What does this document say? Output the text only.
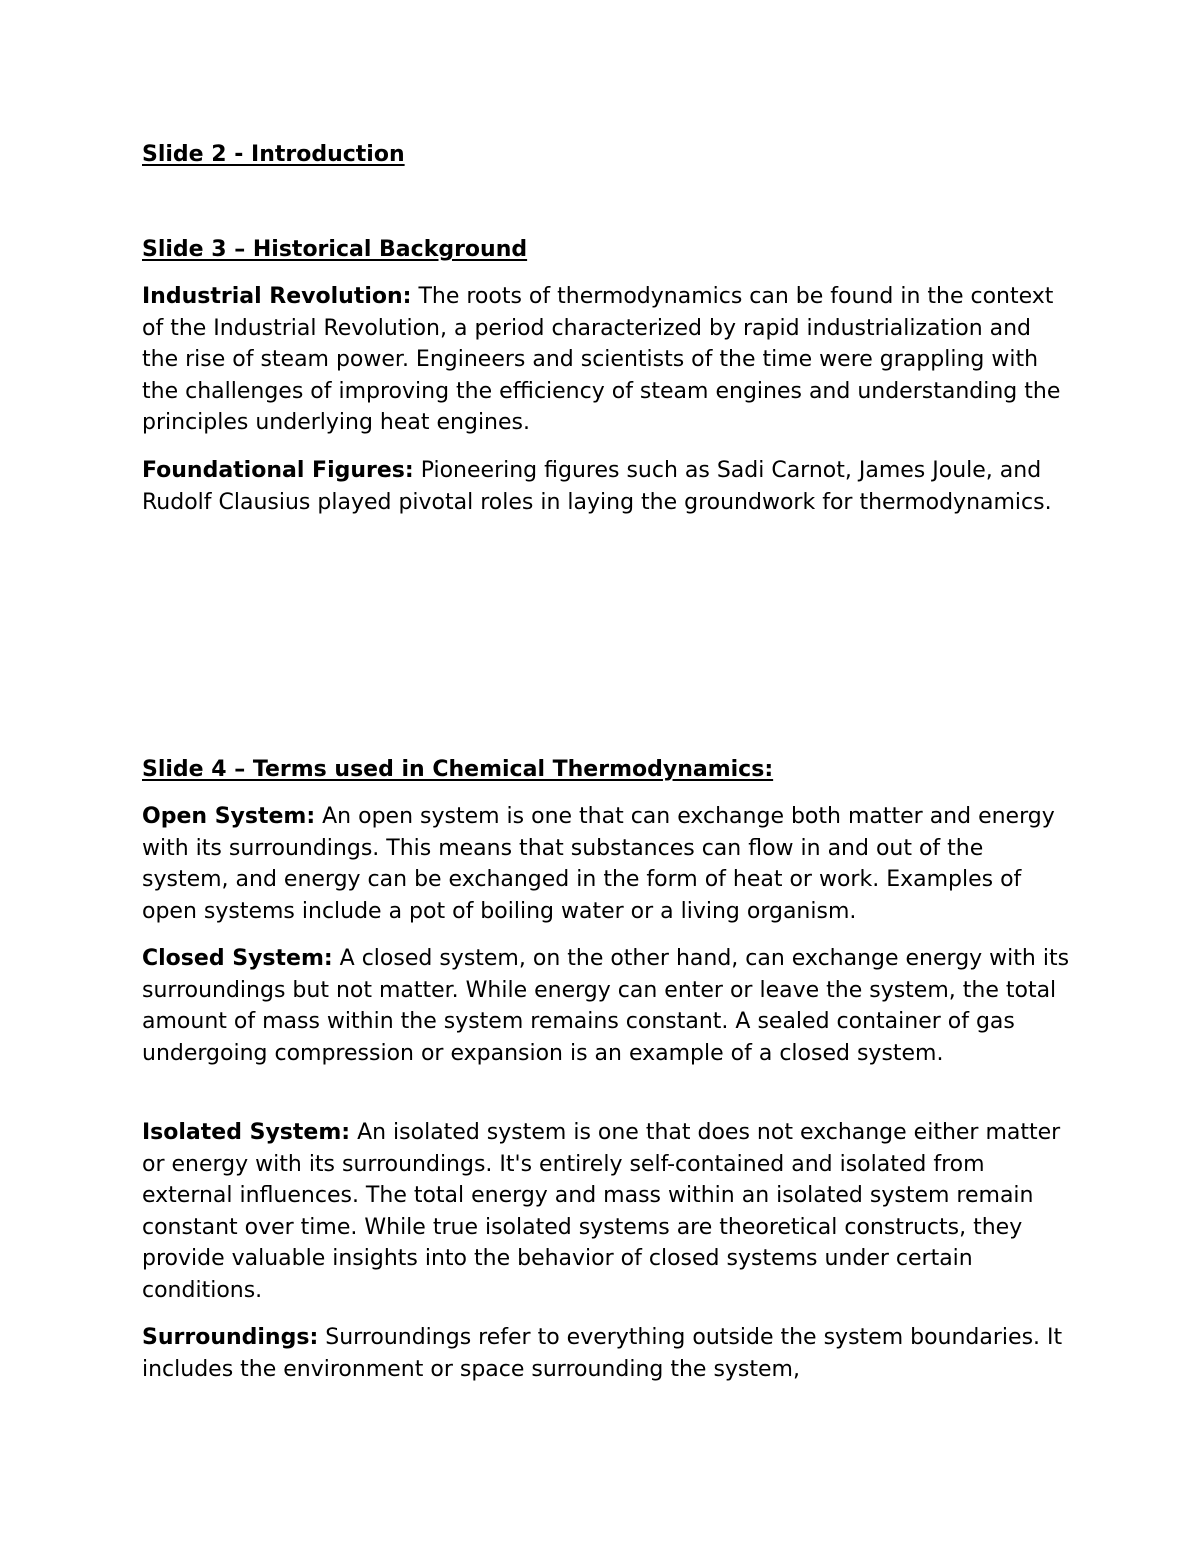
Slide 2 - Introduction
Slide 3 – Historical Background

Industrial Revolution: The roots of thermodynamics can be found in the context of the Industrial Revolution, a period characterized by rapid industrialization and the rise of steam power. Engineers and scientists of the time were grappling with the challenges of improving the efficiency of steam engines and understanding the principles underlying heat engines.

Foundational Figures: Pioneering figures such as Sadi Carnot, James Joule, and Rudolf Clausius played pivotal roles in laying the groundwork for thermodynamics.

Slide 4 – Terms used in Chemical Thermodynamics:

Open System: An open system is one that can exchange both matter and energy with its surroundings. This means that substances can flow in and out of the system, and energy can be exchanged in the form of heat or work. Examples of open systems include a pot of boiling water or a living organism.

Closed System: A closed system, on the other hand, can exchange energy with its surroundings but not matter. While energy can enter or leave the system, the total amount of mass within the system remains constant. A sealed container of gas undergoing compression or expansion is an example of a closed system.

Isolated System: An isolated system is one that does not exchange either matter or energy with its surroundings. It's entirely self-contained and isolated from external influences. The total energy and mass within an isolated system remain constant over time. While true isolated systems are theoretical constructs, they provide valuable insights into the behavior of closed systems under certain conditions.

Surroundings: Surroundings refer to everything outside the system boundaries. It includes the environment or space surrounding the system,
